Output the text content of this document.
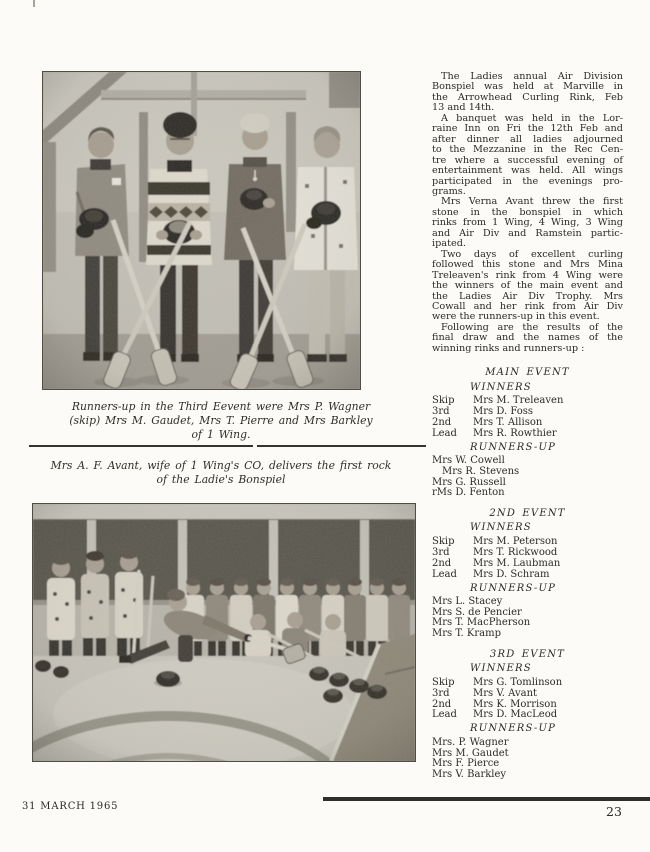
Runners-up in the Third Eevent were Mrs P. Wagner
(skip) Mrs M. Gaudet, Mrs T. Pierre and Mrs Barkley
of 1 Wing.
Mrs A. F. Avant, wife of 1 Wing's CO, delivers the first rock
of the Ladie's Bonspiel
The Ladies annual Air Division
Bonspiel was held at Marville in
the Arrowhead Curling Rink, Feb
13 and 14th.
A banquet was held in the Lor-
raine Inn on Fri the 12th Feb and
after dinner all ladies adjourned
to the Mezzanine in the Rec Cen-
tre where a successful evening of
entertainment was held. All wings
participated in the evenings pro-
grams.
Mrs Verna Avant threw the first
stone in the bonspiel in which
rinks from 1 Wing, 4 Wing, 3 Wing
and Air Div and Ramstein partic-
ipated.
Two days of excellent curling
followed this stone and Mrs Mina
Treleaven's rink from 4 Wing were
the winners of the main event and
the Ladies Air Div Trophy. Mrs
Cowall and her rink from Air Div
were the runners-up in this event.
Following are the results of the
final draw and the names of the
winning rinks and runners-up :
MAIN EVENT
WINNERS
Skip	Mrs M. Treleaven
3rd	Mrs D. Foss
2nd	Mrs T. Allison
Lead	Mrs R. Rowthier
RUNNERS-UP
Mrs W. Cowell
Mrs R. Stevens
Mrs G. Russell
rMs D. Fenton
2ND EVENT
WINNERS
Skip	Mrs M. Peterson
3rd	Mrs T. Rickwood
2nd	Mrs M. Laubman
Lead	Mrs D. Schram
RUNNERS-UP
Mrs L. Stacey
Mrs S. de Pencier
Mrs T. MacPherson
Mrs T. Kramp
3RD EVENT
WINNERS
Skip	Mrs G. Tomlinson
3rd	Mrs V. Avant
2nd	Mrs K. Morrison
Lead	Mrs D. MacLeod
RUNNERS-UP
Mrs. P. Wagner
Mrs M. Gaudet
Mrs F. Pierce
Mrs V. Barkley
31 MARCH 1965	23
